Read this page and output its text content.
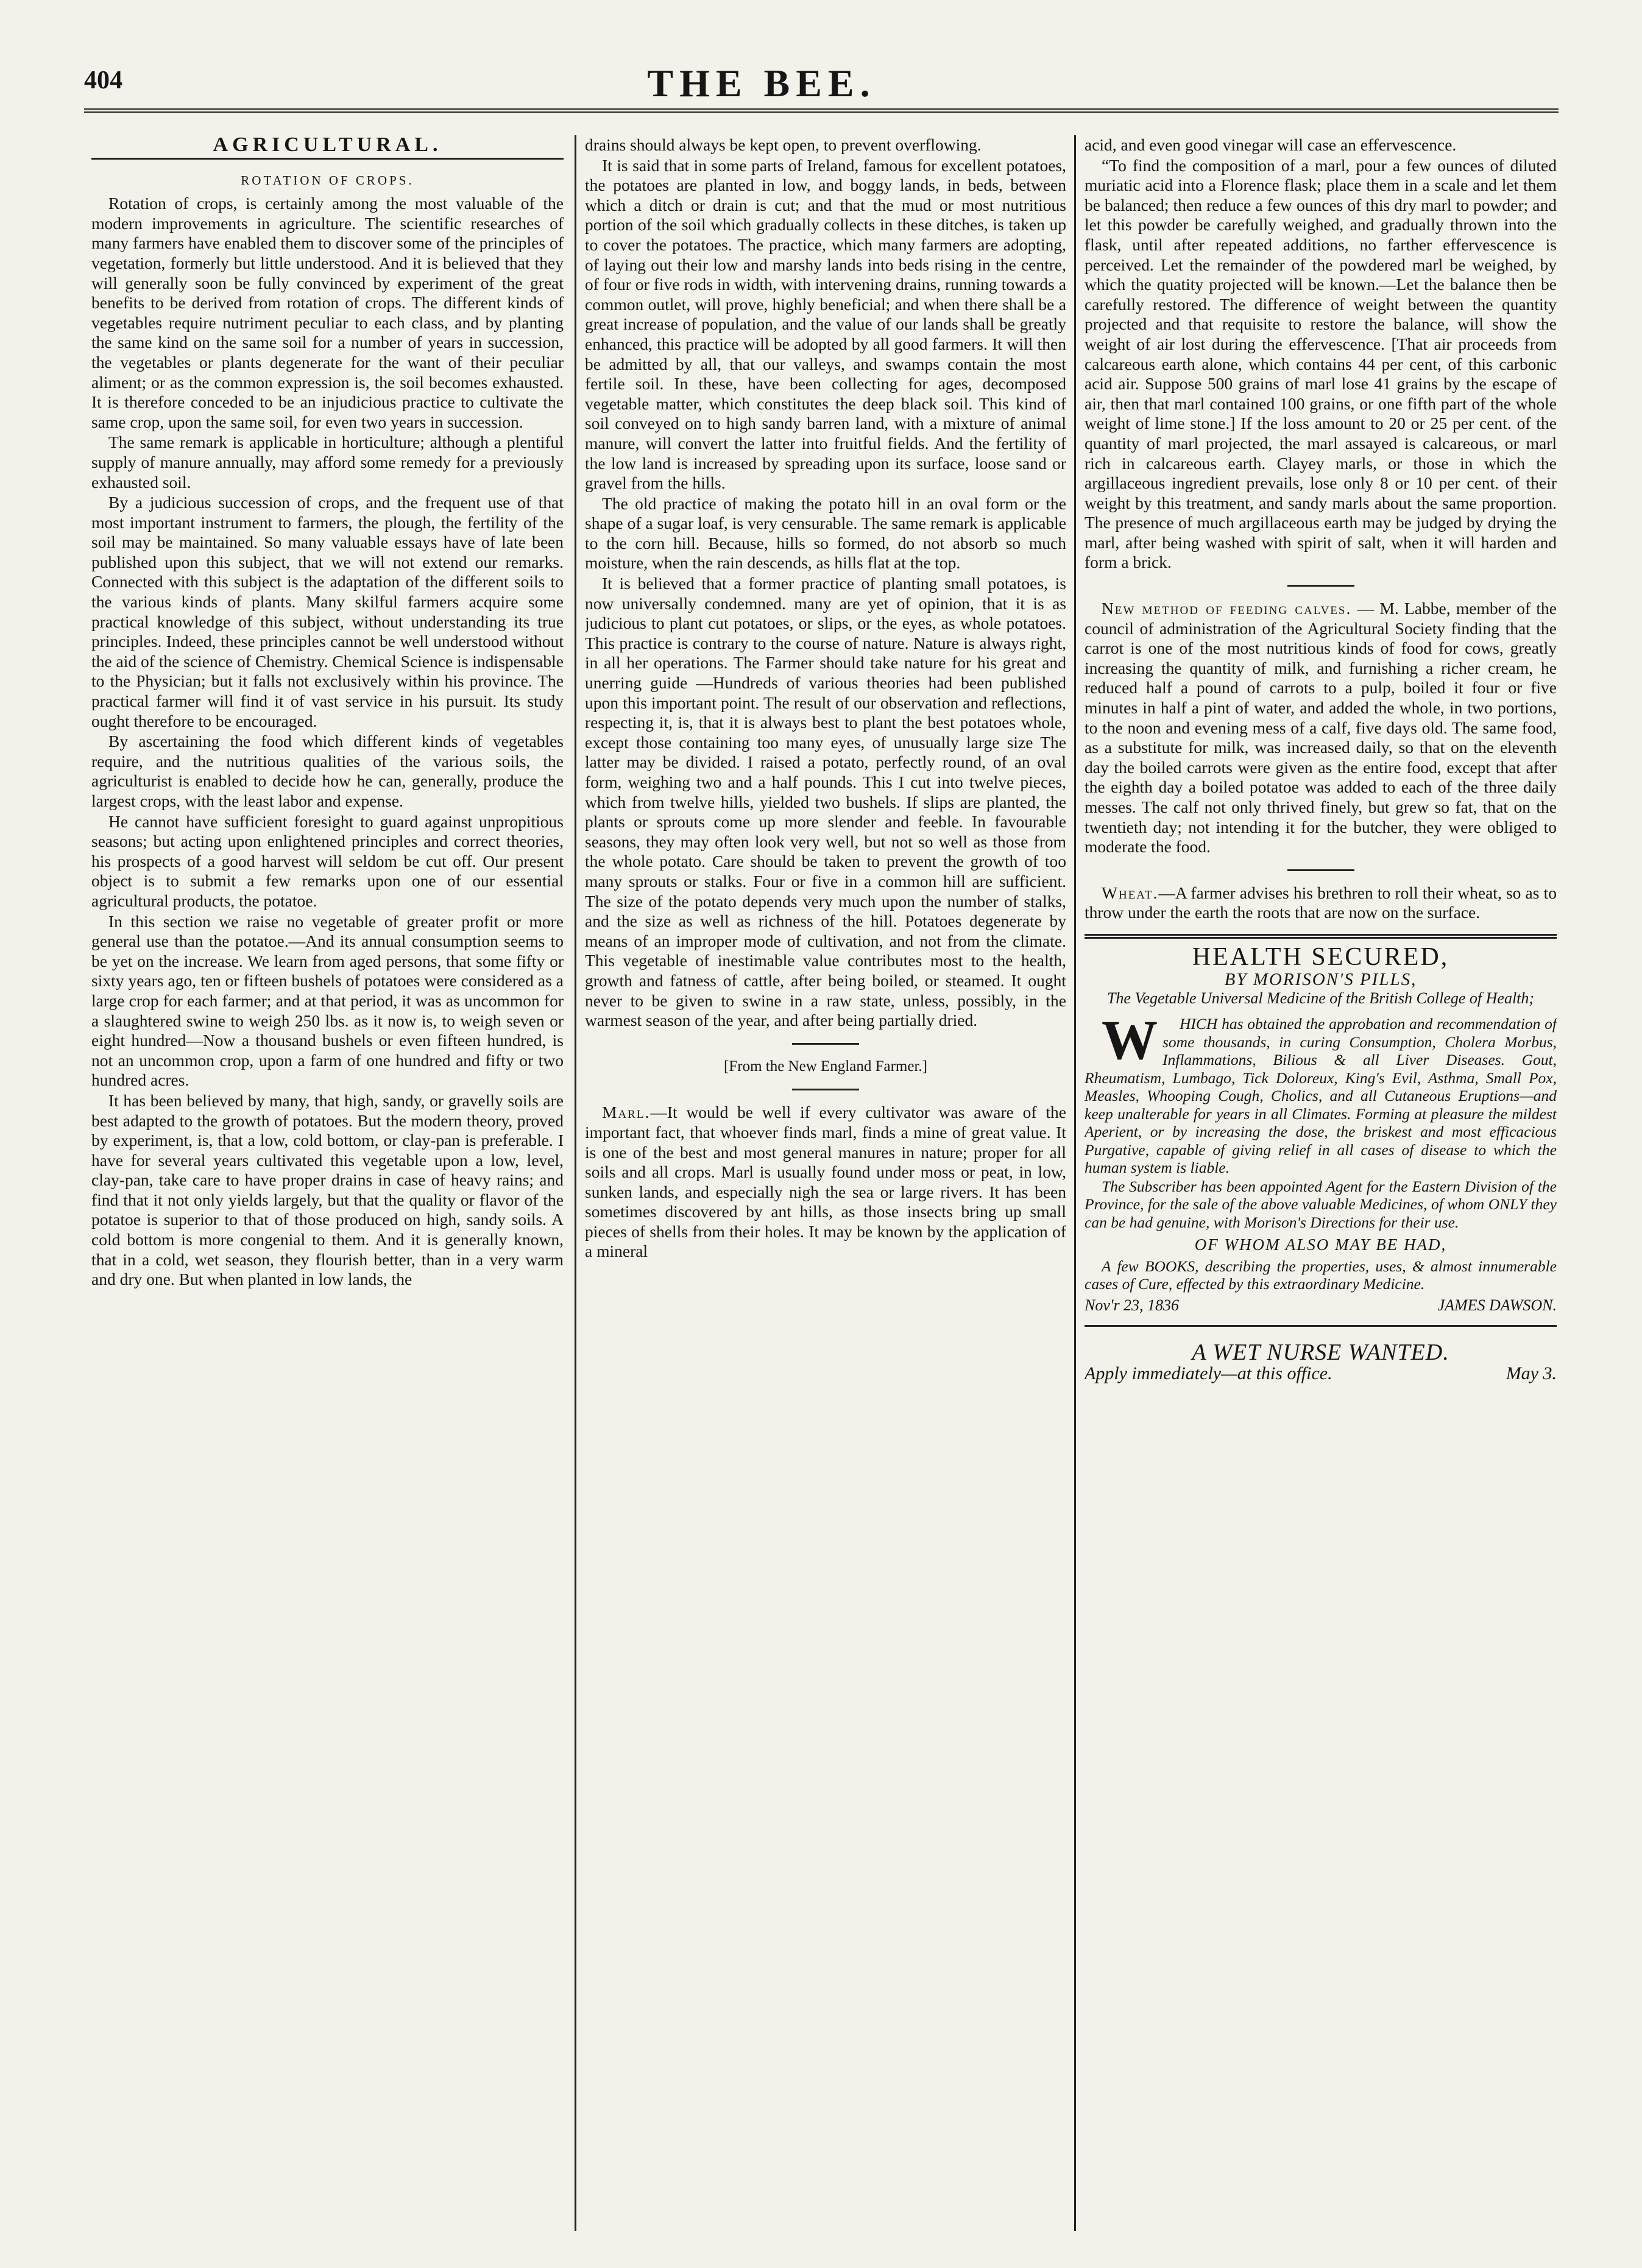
404	THE BEE.
AGRICULTURAL.
ROTATION OF CROPS.

Rotation of crops, is certainly among the most valuable of the modern improvements in agriculture. The scientific researches of many farmers have enabled them to discover some of the principles of vegetation, formerly but little understood. And it is believed that they will generally soon be fully convinced by experiment of the great benefits to be derived from rotation of crops. The different kinds of vegetables require nutriment peculiar to each class, and by planting the same kind on the same soil for a number of years in succession, the vegetables or plants degenerate for the want of their peculiar aliment; or as the common expression is, the soil becomes exhausted. It is therefore conceded to be an injudicious practice to cultivate the same crop, upon the same soil, for even two years in succession.

The same remark is applicable in horticulture; although a plentiful supply of manure annually, may afford some remedy for a previously exhausted soil.

By a judicious succession of crops, and the frequent use of that most important instrument to farmers, the plough, the fertility of the soil may be maintained. So many valuable essays have of late been published upon this subject, that we will not extend our remarks. Connected with this subject is the adaptation of the different soils to the various kinds of plants. Many skilful farmers acquire some practical knowledge of this subject, without understanding its true principles. Indeed, these principles cannot be well understood without the aid of the science of Chemistry. Chemical Science is indispensable to the Physician; but it falls not exclusively within his province. The practical farmer will find it of vast service in his pursuit. Its study ought therefore to be encouraged.

By ascertaining the food which different kinds of vegetables require, and the nutritious qualities of the various soils, the agriculturist is enabled to decide how he can, generally, produce the largest crops, with the least labor and expense.

He cannot have sufficient foresight to guard against unpropitious seasons; but acting upon enlightened principles and correct theories, his prospects of a good harvest will seldom be cut off. Our present object is to submit a few remarks upon one of our essential agricultural products, the potatoe.

In this section we raise no vegetable of greater profit or more general use than the potatoe.—And its annual consumption seems to be yet on the increase. We learn from aged persons, that some fifty or sixty years ago, ten or fifteen bushels of potatoes were considered as a large crop for each farmer; and at that period, it was as uncommon for a slaughtered swine to weigh 250 lbs. as it now is, to weigh seven or eight hundred—Now a thousand bushels or even fifteen hundred, is not an uncommon crop, upon a farm of one hundred and fifty or two hundred acres.

It has been believed by many, that high, sandy, or gravelly soils are best adapted to the growth of potatoes. But the modern theory, proved by experiment, is, that a low, cold bottom, or clay-pan is preferable. I have for several years cultivated this vegetable upon a low, level, clay-pan, take care to have proper drains in case of heavy rains; and find that it not only yields largely, but that the quality or flavor of the potatoe is superior to that of those produced on high, sandy soils. A cold bottom is more congenial to them. And it is generally known, that in a cold, wet season, they flourish better, than in a very warm and dry one. But when planted in low lands, the

drains should always be kept open, to prevent overflowing.

It is said that in some parts of Ireland, famous for excellent potatoes, the potatoes are planted in low, and boggy lands, in beds, between which a ditch or drain is cut; and that the mud or most nutritious portion of the soil which gradually collects in these ditches, is taken up to cover the potatoes. The practice, which many farmers are adopting, of laying out their low and marshy lands into beds rising in the centre, of four or five rods in width, with intervening drains, running towards a common outlet, will prove, highly beneficial; and when there shall be a great increase of population, and the value of our lands shall be greatly enhanced, this practice will be adopted by all good farmers. It will then be admitted by all, that our valleys, and swamps contain the most fertile soil. In these, have been collecting for ages, decomposed vegetable matter, which constitutes the deep black soil. This kind of soil conveyed on to high sandy barren land, with a mixture of animal manure, will convert the latter into fruitful fields. And the fertility of the low land is increased by spreading upon its surface, loose sand or gravel from the hills.

The old practice of making the potato hill in an oval form or the shape of a sugar loaf, is very censurable. The same remark is applicable to the corn hill. Because, hills so formed, do not absorb so much moisture, when the rain descends, as hills flat at the top.

It is believed that a former practice of planting small potatoes, is now universally condemned. many are yet of opinion, that it is as judicious to plant cut potatoes, or slips, or the eyes, as whole potatoes. This practice is contrary to the course of nature. Nature is always right, in all her operations. The Farmer should take nature for his great and unerring guide —Hundreds of various theories had been published upon this important point. The result of our observation and reflections, respecting it, is, that it is always best to plant the best potatoes whole, except those containing too many eyes, of unusually large size The latter may be divided. I raised a potato, perfectly round, of an oval form, weighing two and a half pounds. This I cut into twelve pieces, which from twelve hills, yielded two bushels. If slips are planted, the plants or sprouts come up more slender and feeble. In favourable seasons, they may often look very well, but not so well as those from the whole potato. Care should be taken to prevent the growth of too many sprouts or stalks. Four or five in a common hill are sufficient. The size of the potato depends very much upon the number of stalks, and the size as well as richness of the hill. Potatoes degenerate by means of an improper mode of cultivation, and not from the climate. This vegetable of inestimable value contributes most to the health, growth and fatness of cattle, after being boiled, or steamed. It ought never to be given to swine in a raw state, unless, possibly, in the warmest season of the year, and after being partially dried.

[From the New England Farmer.]

Marl.—It would be well if every cultivator was aware of the important fact, that whoever finds marl, finds a mine of great value. It is one of the best and most general manures in nature; proper for all soils and all crops. Marl is usually found under moss or peat, in low, sunken lands, and especially nigh the sea or large rivers. It has been sometimes discovered by ant hills, as those insects bring up small pieces of shells from their holes. It may be known by the application of a mineral

acid, and even good vinegar will case an effervescence.

“To find the composition of a marl, pour a few ounces of diluted muriatic acid into a Florence flask; place them in a scale and let them be balanced; then reduce a few ounces of this dry marl to powder; and let this powder be carefully weighed, and gradually thrown into the flask, until after repeated additions, no farther effervescence is perceived. Let the remainder of the powdered marl be weighed, by which the quatity projected will be known.—Let the balance then be carefully restored. The difference of weight between the quantity projected and that requisite to restore the balance, will show the weight of air lost during the effervescence. [That air proceeds from calcareous earth alone, which contains 44 per cent, of this carbonic acid air. Suppose 500 grains of marl lose 41 grains by the escape of air, then that marl contained 100 grains, or one fifth part of the whole weight of lime stone.] If the loss amount to 20 or 25 per cent. of the quantity of marl projected, the marl assayed is calcareous, or marl rich in calcareous earth. Clayey marls, or those in which the argillaceous ingredient prevails, lose only 8 or 10 per cent. of their weight by this treatment, and sandy marls about the same proportion. The presence of much argillaceous earth may be judged by drying the marl, after being washed with spirit of salt, when it will harden and form a brick.

New method of feeding calves. — M. Labbe, member of the council of administration of the Agricultural Society finding that the carrot is one of the most nutritious kinds of food for cows, greatly increasing the quantity of milk, and furnishing a richer cream, he reduced half a pound of carrots to a pulp, boiled it four or five minutes in half a pint of water, and added the whole, in two portions, to the noon and evening mess of a calf, five days old. The same food, as a substitute for milk, was increased daily, so that on the eleventh day the boiled carrots were given as the entire food, except that after the eighth day a boiled potatoe was added to each of the three daily messes. The calf not only thrived finely, but grew so fat, that on the twentieth day; not intending it for the butcher, they were obliged to moderate the food.

Wheat.—A farmer advises his brethren to roll their wheat, so as to throw under the earth the roots that are now on the surface.

HEALTH SECURED,
BY MORISON'S PILLS,
The Vegetable Universal Medicine of the British College of Health;

W HICH has obtained the approbation and recommendation of some thousands, in curing Consumption, Cholera Morbus, Inflammations, Bilious & all Liver Diseases. Gout, Rheumatism, Lumbago, Tick Doloreux, King's Evil, Asthma, Small Pox, Measles, Whooping Cough, Cholics, and all Cutaneous Eruptions—and keep unalterable for years in all Climates. Forming at pleasure the mildest Aperient, or by increasing the dose, the briskest and most efficacious Purgative, capable of giving relief in all cases of disease to which the human system is liable.

The Subscriber has been appointed Agent for the Eastern Division of the Province, for the sale of the above valuable Medicines, of whom ONLY they can be had genuine, with Morison's Directions for their use.

OF WHOM ALSO MAY BE HAD,

A few BOOKS, describing the properties, uses, & almost innumerable cases of Cure, effected by this extraordinary Medicine.

Nov'r 23, 1836	JAMES DAWSON.
A WET NURSE WANTED.
Apply immediately—at this office.	May 3.
